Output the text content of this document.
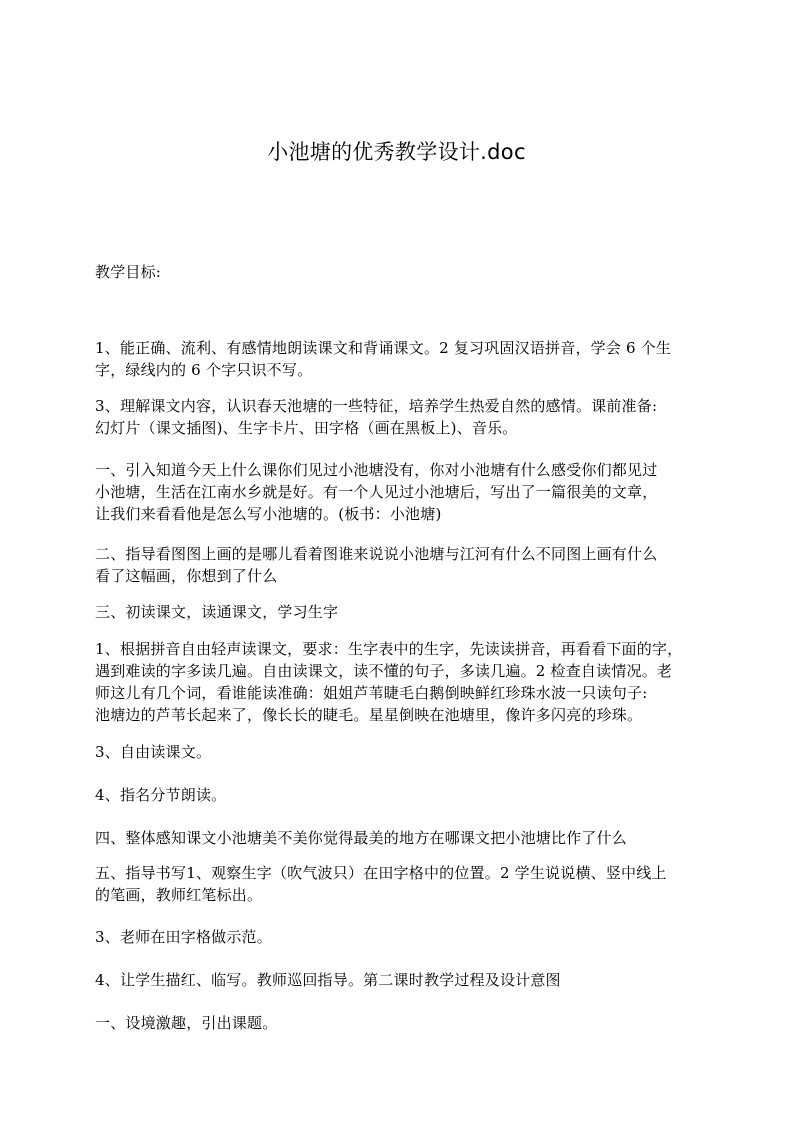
小池塘的优秀教学设计.doc
教学目标:
1、能正确、流利、有感情地朗读课文和背诵课文。2 复习巩固汉语拼音，学会 6 个生
字，绿线内的 6 个字只识不写。
3、理解课文内容，认识春天池塘的一些特征，培养学生热爱自然的感情。课前准备:
幻灯片（课文插图)、生字卡片、田字格（画在黑板上)、音乐。
一、引入知道今天上什么课你们见过小池塘没有，你对小池塘有什么感受你们都见过
小池塘，生活在江南水乡就是好。有一个人见过小池塘后，写出了一篇很美的文章，
让我们来看看他是怎么写小池塘的。(板书：小池塘)
二、指导看图图上画的是哪儿看着图谁来说说小池塘与江河有什么不同图上画有什么
看了这幅画，你想到了什么
三、初读课文，读通课文，学习生字
1、根据拼音自由轻声读课文，要求：生字表中的生字，先读读拼音，再看看下面的字，
遇到难读的字多读几遍。自由读课文，读不懂的句子，多读几遍。2 检查自读情况。老
师这儿有几个词，看谁能读准确：姐姐芦苇睫毛白鹅倒映鲜红珍珠水波一只读句子:
池塘边的芦苇长起来了，像长长的睫毛。星星倒映在池塘里，像许多闪亮的珍珠。
3、自由读课文。
4、指名分节朗读。
四、整体感知课文小池塘美不美你觉得最美的地方在哪课文把小池塘比作了什么
五、指导书写1、观察生字（吹气波只）在田字格中的位置。2 学生说说横、竖中线上
的笔画，教师红笔标出。
3、老师在田字格做示范。
4、让学生描红、临写。教师巡回指导。第二课时教学过程及设计意图
一、设境激趣，引出课题。
